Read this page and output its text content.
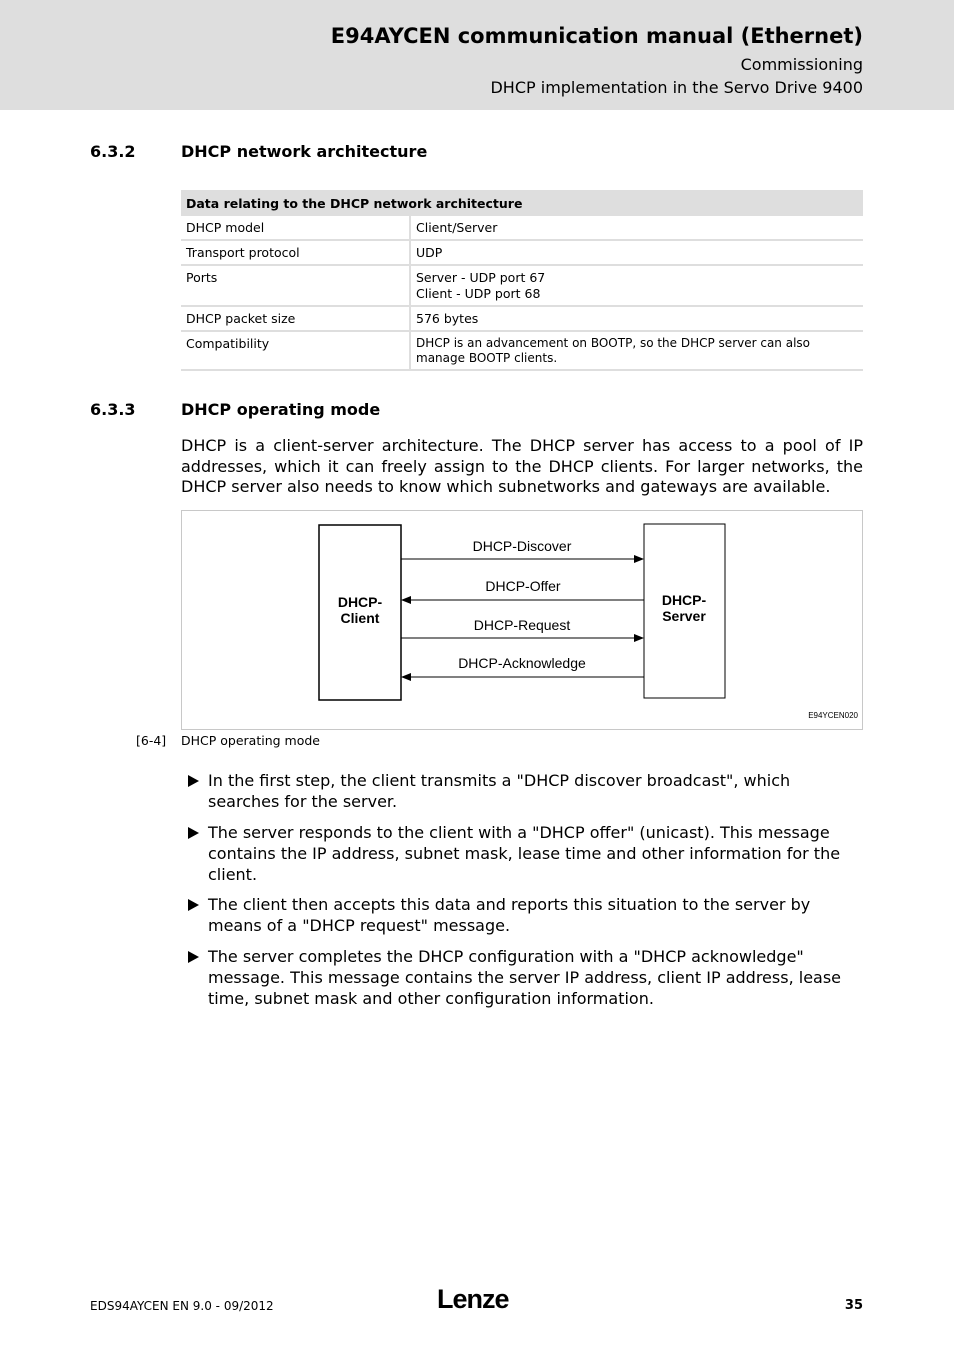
E94AYCEN communication manual (Ethernet)
Commissioning
DHCP implementation in the Servo Drive 9400
6.3.2	DHCP network architecture
Data relating to the DHCP network architecture	
DHCP model	Client/Server

Transport protocol	UDP

Ports	Server - UDP port 67
Client - UDP port 68

DHCP packet size	576 bytes

Compatibility	DHCP is an advancement on BOOTP, so the DHCP server can also manage BOOTP clients.
6.3.3	DHCP operating mode
DHCP is a client-server architecture. The DHCP server has access to a pool of IP addresses, which it can freely assign to the DHCP clients. For larger networks, the DHCP server also needs to know which subnetworks and gateways are available.
DHCP-
Client
DHCP-
Server
DHCP-Discover
DHCP-Offer
DHCP-Request
DHCP-Acknowledge
E94YCEN020
[6-4] DHCP operating mode
In the first step, the client transmits a "DHCP discover broadcast", which searches for the server.
The server responds to the client with a "DHCP offer" (unicast). This message contains the IP address, subnet mask, lease time and other information for the client.
The client then accepts this data and reports this situation to the server by means of a "DHCP request" message.
The server completes the DHCP configuration with a "DHCP acknowledge" message. This message contains the server IP address, client IP address, lease time, subnet mask and other configuration information.
EDS94AYCEN EN 9.0 - 09/2012	Lenze	35
